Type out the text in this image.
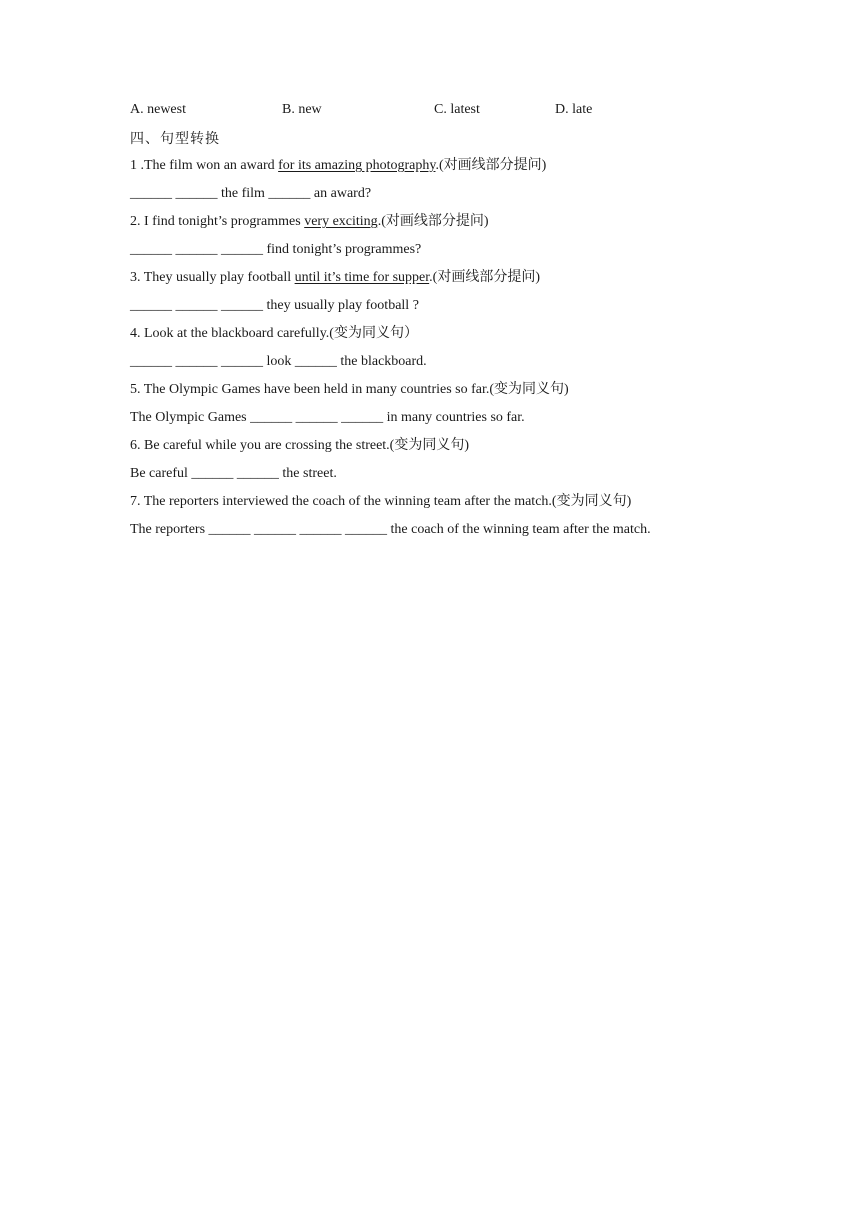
A. newest	B. new	C. latest	D. late
四、句型转换
1 .The film won an award for its amazing photography.(对画线部分提问)
______ ______ the film ______ an award?
2. I find tonight’s programmes very exciting.(对画线部分提问)
______ ______ ______ find tonight’s programmes?
3. They usually play football until it’s time for supper.(对画线部分提问)
______ ______ ______ they usually play football ?
4. Look at the blackboard carefully.(变为同义句）
______ ______ ______ look ______ the blackboard.
5. The Olympic Games have been held in many countries so far.(变为同义句)
The Olympic Games ______ ______ ______ in many countries so far.
6. Be careful while you are crossing the street.(变为同义句)
Be careful ______ ______ the street.
7. The reporters interviewed the coach of the winning team after the match.(变为同义句)
The reporters ______ ______ ______ ______ the coach of the winning team after the match.
